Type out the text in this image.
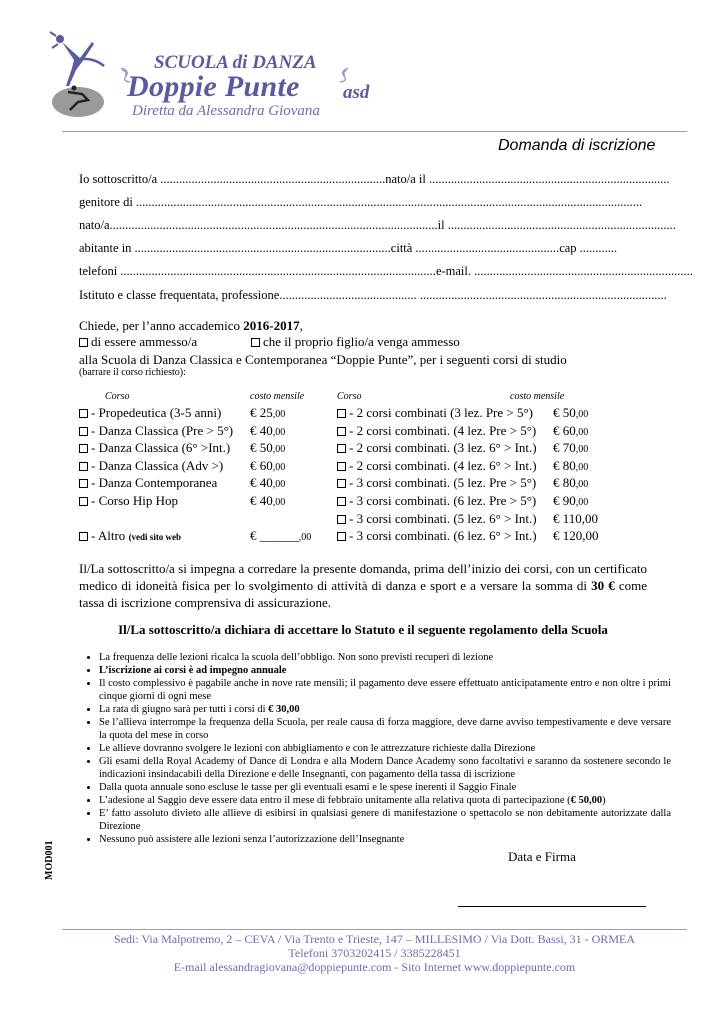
SCUOLA di DANZA
Doppie Punte asd
Diretta da Alessandra Giovana
Domanda di iscrizione
Io sottoscritto/a ........................................................................nato/a il .............................................................................
genitore di ..................................................................................................................................................................
nato/a.........................................................................................................il .........................................................................
abitante in ..................................................................................città ..............................................cap ............
telefoni .....................................................................................................e-mail. ......................................................................
Istituto e classe frequentata, professione............................................ ...............................................................................
Chiede, per l’anno accademico 2016-2017,
di essere ammesso/a	che il proprio figlio/a venga ammesso
alla Scuola di Danza Classica e Contemporanea “Doppie Punte”, per i seguenti corsi di studio
(barrare il corso richiesto):
Corso	costo mensile	Corso	costo mensile
- Propedeutica (3-5 anni) € 25,00
- Danza Classica (Pre > 5°) € 40,00
- Danza Classica (6° >Int.) € 50,00
- Danza Classica (Adv >) € 60,00
- Danza Contemporanea	€ 40,00
- Corso Hip Hop	€ 40,00
- 2 corsi combinati (3 lez. Pre > 5°) € 50,00
- 2 corsi combinati. (4 lez. Pre > 5°) € 60,00
- 2 corsi combinati. (3 lez. 6° > Int.) € 70,00
- 2 corsi combinati. (4 lez. 6° > Int.) € 80,00
- 3 corsi combinati. (5 lez. Pre > 5°) € 80,00
- 3 corsi combinati. (6 lez. Pre > 5°) € 90,00
- 3 corsi combinati. (5 lez. 6° > Int.) € 110,00
- 3 corsi combinati. (6 lez. 6° > Int.) € 120,00
- Altro (vedi sito web	€ ______,00
Il/La sottoscritto/a si impegna a corredare la presente domanda, prima dell’inizio dei corsi, con un certificato medico di idoneità fisica per lo svolgimento di attività di danza e sport e a versare la somma di 30 € come tassa di iscrizione comprensiva di assicurazione.
Il/La sottoscritto/a dichiara di accettare lo Statuto e il seguente regolamento della Scuola
• La frequenza delle lezioni ricalca la scuola dell’obbligo. Non sono previsti recuperi di lezione
• L’iscrizione ai corsi è ad impegno annuale
• Il costo complessivo è pagabile anche in nove rate mensili; il pagamento deve essere effettuato anticipatamente entro e non oltre i primi cinque giorni di ogni mese
• La rata di giugno sarà per tutti i corsi di € 30,00
• Se l’allieva interrompe la frequenza della Scuola, per reale causa di forza maggiore, deve darne avviso tempestivamente e deve versare la quota del mese in corso
• Le allieve dovranno svolgere le lezioni con abbigliamento e con le attrezzature richieste dalla Direzione
• Gli esami della Royal Academy of Dance di Londra e alla Modern Dance Academy sono facoltativi e saranno da sostenere secondo le indicazioni insindacabili della Direzione e delle Insegnanti, con pagamento della tassa di iscrizione
• Dalla quota annuale sono escluse le tasse per gli eventuali esami e le spese inerenti il Saggio Finale
• L’adesione al Saggio deve essere data entro il mese di febbraio unitamente alla relativa quota di partecipazione (€ 50,00)
• E’ fatto assoluto divieto alle allieve di esibirsi in qualsiasi genere di manifestazione o spettacolo se non debitamente autorizzate dalla Direzione
• Nessuno può assistere alle lezioni senza l’autorizzazione dell’Insegnante
Data e Firma
MOD001
Sedi: Via Malpotremo, 2 – CEVA / Via Trento e Trieste, 147 – MILLESIMO / Via Dott. Bassi, 31 - ORMEA
Telefoni 3703202415 / 3385228451
E-mail alessandragiovana@doppiepunte.com - Sito Internet www.doppiepunte.com
